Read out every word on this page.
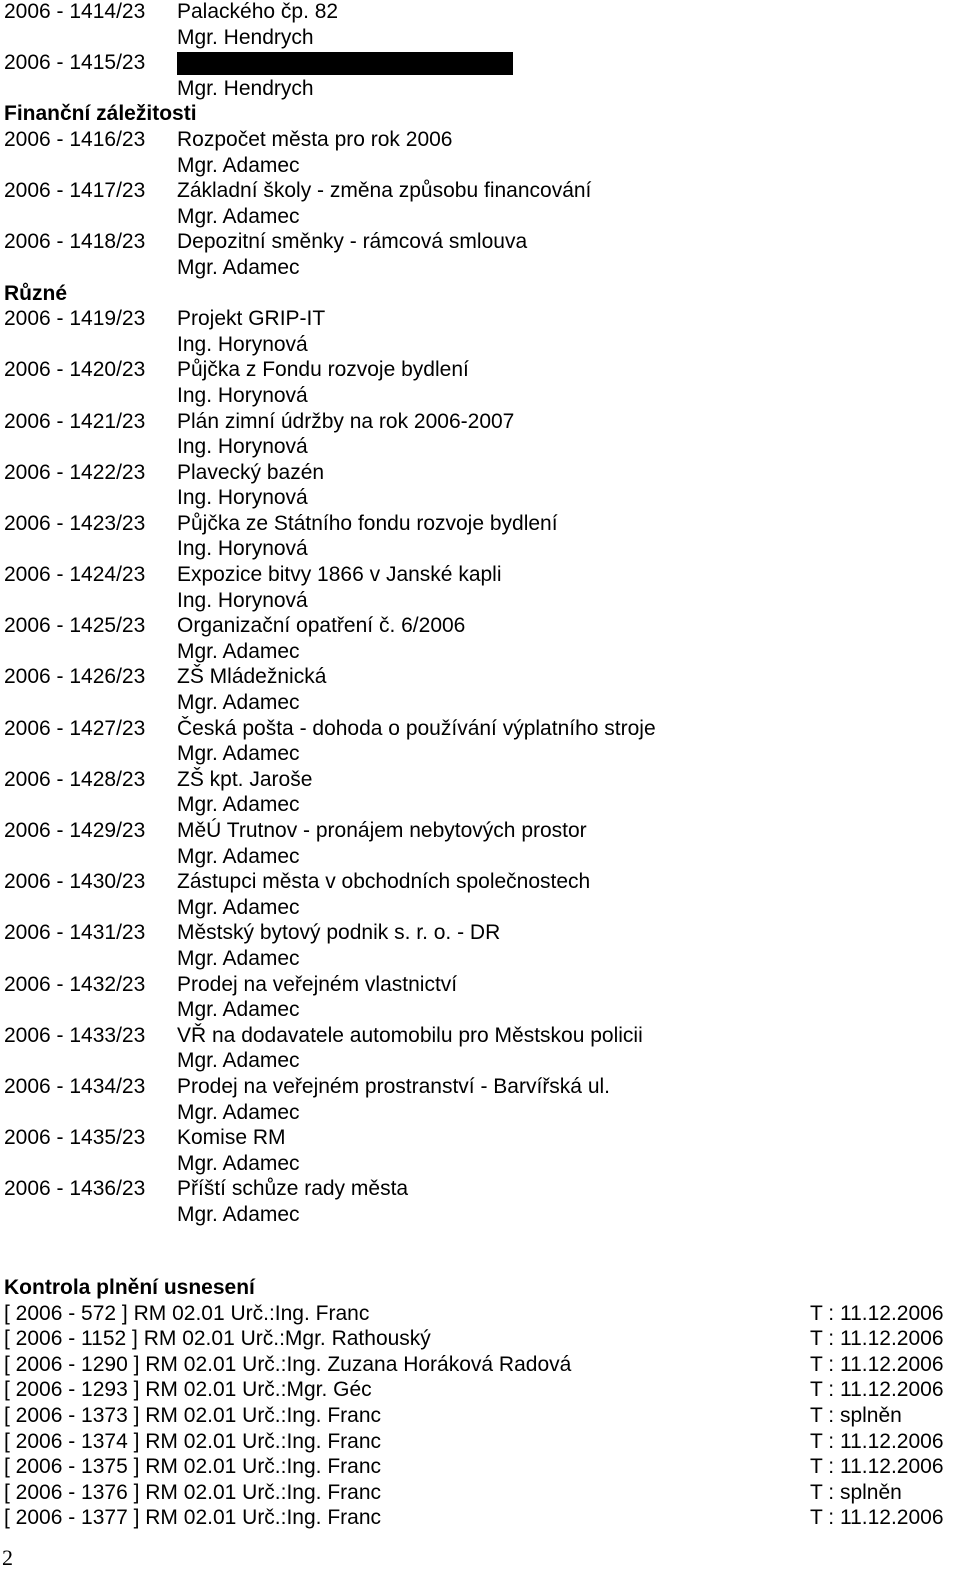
2006 - 1414/23 Palackého čp. 82
Mgr. Hendrych
2006 - 1415/23
Mgr. Hendrych
Finanční záležitosti
2006 - 1416/23 Rozpočet města pro rok 2006
Mgr. Adamec
2006 - 1417/23 Základní školy - změna způsobu financování
Mgr. Adamec
2006 - 1418/23 Depozitní směnky - rámcová smlouva
Mgr. Adamec
Různé
2006 - 1419/23 Projekt GRIP-IT
Ing. Horynová
2006 - 1420/23 Půjčka z Fondu rozvoje bydlení
Ing. Horynová
2006 - 1421/23 Plán zimní údržby na rok 2006-2007
Ing. Horynová
2006 - 1422/23 Plavecký bazén
Ing. Horynová
2006 - 1423/23 Půjčka ze Státního fondu rozvoje bydlení
Ing. Horynová
2006 - 1424/23 Expozice bitvy 1866 v Janské kapli
Ing. Horynová
2006 - 1425/23 Organizační opatření č. 6/2006
Mgr. Adamec
2006 - 1426/23 ZŠ Mládežnická
Mgr. Adamec
2006 - 1427/23 Česká pošta - dohoda o používání výplatního stroje
Mgr. Adamec
2006 - 1428/23 ZŠ kpt. Jaroše
Mgr. Adamec
2006 - 1429/23 MěÚ Trutnov - pronájem nebytových prostor
Mgr. Adamec
2006 - 1430/23 Zástupci města v obchodních společnostech
Mgr. Adamec
2006 - 1431/23 Městský bytový podnik s. r. o. - DR
Mgr. Adamec
2006 - 1432/23 Prodej na veřejném vlastnictví
Mgr. Adamec
2006 - 1433/23 VŘ na dodavatele automobilu pro Městskou policii
Mgr. Adamec
2006 - 1434/23 Prodej na veřejném prostranství - Barvířská ul.
Mgr. Adamec
2006 - 1435/23 Komise RM
Mgr. Adamec
2006 - 1436/23 Příští schůze rady města
Mgr. Adamec
Kontrola plnění usnesení
[ 2006 - 572 ] RM 02.01 Urč.:Ing. Franc	T : 11.12.2006
[ 2006 - 1152 ] RM 02.01 Urč.:Mgr. Rathouský	T : 11.12.2006
[ 2006 - 1290 ] RM 02.01 Urč.:Ing. Zuzana Horáková Radová	T : 11.12.2006
[ 2006 - 1293 ] RM 02.01 Urč.:Mgr. Géc	T : 11.12.2006
[ 2006 - 1373 ] RM 02.01 Urč.:Ing. Franc	T : splněn
[ 2006 - 1374 ] RM 02.01 Urč.:Ing. Franc	T : 11.12.2006
[ 2006 - 1375 ] RM 02.01 Urč.:Ing. Franc	T : 11.12.2006
[ 2006 - 1376 ] RM 02.01 Urč.:Ing. Franc	T : splněn
[ 2006 - 1377 ] RM 02.01 Urč.:Ing. Franc	T : 11.12.2006
2
